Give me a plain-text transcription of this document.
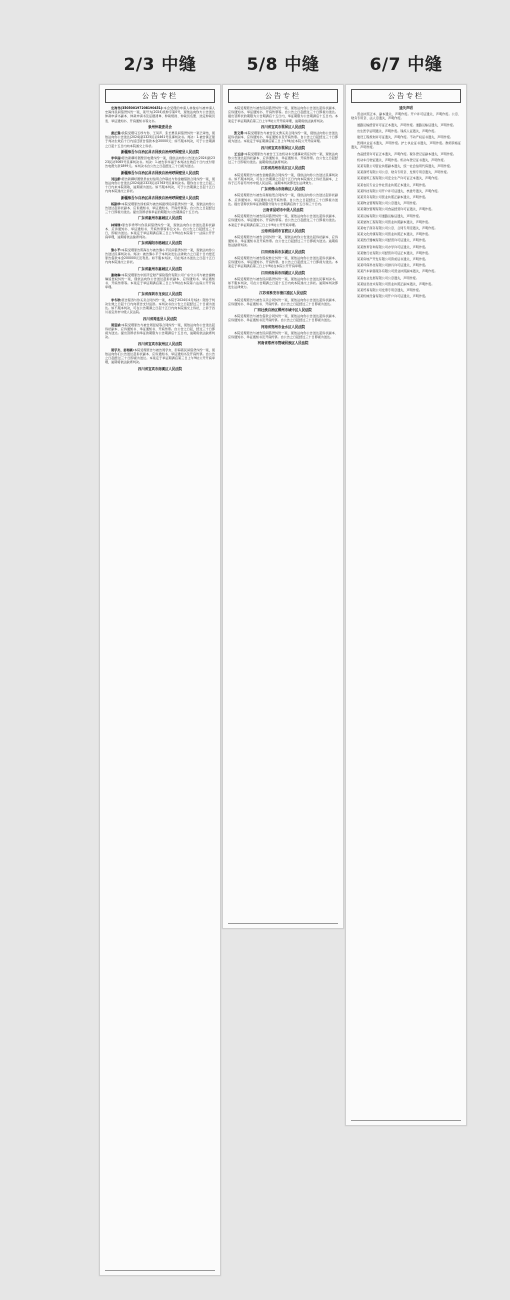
2/3 中缝	5/8 中缝	6/7 中缝
公告专栏
史海伟(350500197208190451):本会受理的申请人林俊东与被申请人史海伟民间借贷纠纷一案，案号为(2024)泉仲字第0号，现依法向你方公告送达仲裁申请书副本、仲裁申请书及证据清单、仲裁规则、仲裁员名册、选定仲裁员表、举证通知书、开庭通知书等文书。
泉州仲裁委员会
黄正强:我院受理马玉珍与你、王凤声、张长勇民间借贷纠纷一案已审结，现依法向你公告送达(2024)新2325民初1461号民事判决书。判决：1.被告黄正强于判决生效后十日内返还原告借款本金20000元；如不服本判决，可于公告期满之日起十五日内向本院递交上诉状。
新疆维吾尔自治区昌吉回族自治州呼图壁县人民法院
李华丽:原告新疆呼图壁县电费纠纷一案，现依法向你公告送达(2024)新2323民初5065号民事判决书。判决：1.被告李华丽于本判决生效后十日内支付原告电费欠款1899元。本判决书自公告之日起经过三十日视为送达。
新疆维吾尔自治区昌吉回族自治州呼图壁县人民法院
刘远新:原告新疆呼图壁县农村信用合作联社与你金融借款合同纠纷一案，现依法向你公告送达(2024)新2323民初2763号民事判决书。限你自公告之日起三十日内来本院领取，逾期视为送达。如不服本判决，可于公告期满之日起十五日内向本院递交上诉状。
新疆维吾尔自治区昌吉回族自治州呼图壁县人民法院
杨振珍:本院受理原告徐柏荣与被告杨振珍民间借贷纠纷一案，现依法向你公告送达起诉状副本、应诉通知书、举证通知书、开庭传票等。自公告之日起经过三十日即视为送达。提出答辩状和举证的期限为公告期满后十五日内。
广东省惠州市惠城区人民法院
林锦锋:原告李秀琴与你民间借贷纠纷一案，现依法向你公告送达起诉状副本、应诉通知书、举证通知书、开庭传票等诉讼文书。自公告之日起经过三十日，即视为送达。本案定于举证期满后第三日上午9时在本院第十一法庭公开开庭审理，逾期将依法缺席判决。
广东省揭阳市榕城区人民法院
黎小平:本院受理原告陈海生与被告黎小平民间借贷纠纷一案，现依法向你公告送达民事判决书。判决：被告黎小平于本判决发生法律效力之日起十日内偿还原告借款本金200000元及利息。如不服本判决，可在判决书送达之日起十五日内向本院递交上诉状。
广东省惠州市惠城区人民法院
谢晓琳:本院受理原告中国平安财产保险股份有限公司广东分公司与被告谢晓琳追偿权纠纷一案，现依法向你公告送达起诉状副本、应诉通知书、举证通知书、开庭传票等。本案定于举证期满后第三日上午9时在本院第六法庭公开开庭审理。
广东省深圳市龙岗区人民法院
李冬秋:原告程涛与你买卖合同纠纷一案，本院于2024年4月判决：限你于判决生效之日起十日内向原告支付货款。本判决书自公告之日起经过三十日视为送达。如不服本判决，可在公告期满之日起十五日内向本院递交上诉状，上诉于四川省宜宾市中级人民法院。
四川省筠连县人民法院
周显斌:本院受理原告与被告周显斌等合同纠纷一案，现依法向你公告送达起诉状副本、应诉通知书、举证通知书、开庭传票。自公告之日起，经过三十日即视为送达。提出答辩状和举证的期限为公告期满后十五日内，逾期将依法缺席判决。
四川省宜宾市叙州区人民法院
周学友、彭海燕:本院受理原告与被告周学友、彭海燕民间借贷纠纷一案，现依法向你们公告送达起诉状副本、应诉通知书、举证通知书及开庭传票。自公告之日起经过三十日即视为送达。本案定于举证期满后第三日上午9时公开开庭审理，逾期将依法缺席判决。
四川省宜宾市南溪区人民法院
公告专栏
本院受理原告与被告民间借贷纠纷一案，现依法向你公告送达起诉状副本、应诉通知书、举证通知书、开庭传票等。自公告之日起经过三十日即视为送达。提出答辩状的期限为公告期满后十五日内，举证期限为公告期满后十五日内。本案定于举证期满后第三日上午9时公开开庭审理，逾期将依法缺席判决。
四川省宜宾市翠屏区人民法院
张文勇:本院受理原告与被告张文勇买卖合同纠纷一案，现依法向你公告送达起诉状副本、应诉通知书、举证通知书及开庭传票。自公告之日起经过三十日即视为送达。本案定于举证期满后第三日上午9时在本院公开开庭审理。
四川省宜宾市翠屏区人民法院
王玉洁:本院受理原告与被告王玉洁机动车交通事故责任纠纷一案，现依法向你公告送达起诉状副本、应诉通知书、举证通知书、开庭传票。自公告之日起经过三十日即视为送达。逾期将依法缺席判决。
江苏省苏州市吴江区人民法院
本院受理原告与被告金融借款合同纠纷一案，现依法向你公告送达民事判决书。如不服本判决，可在公告期满之日起十五日内向本院递交上诉状及副本，上诉于江苏省苏州市中级人民法院。逾期本判决即发生法律效力。
广东省佛山市南海区人民法院
本院受理原告与被告房屋租赁合同纠纷一案，现依法向你公告送达起诉状副本、应诉通知书、举证通知书及开庭传票。自公告之日起经过三十日即视为送达。提出答辩状和举证的期限分别为公告期满后的十五日和三十日内。
云南省昆明市中级人民法院
本院受理原告与被告民间借贷纠纷一案，现依法向你公告送达起诉状副本、应诉通知书、举证通知书、开庭传票等。自公告之日起经过三十日即视为送达。本案定于举证期满后第三日上午9时公开开庭审理。
云南省昆明市官渡区人民法院
本院受理原告与被告合同纠纷一案，现依法向你公告送达起诉状副本、应诉通知书、举证通知书及开庭传票。自公告之日起经过三十日即视为送达。逾期将依法缺席判决。
江西省南昌市东湖区人民法院
本院受理原告与被告股权转让纠纷一案，现依法向你公告送达起诉状副本、应诉通知书、举证通知书、开庭传票。自公告之日起经过三十日即视为送达。本案定于举证期满后第三日上午9时在本院公开开庭审理。
江西省南昌市西湖区人民法院
本院受理原告与被告民间借贷纠纷一案，现依法向你公告送达民事判决书。如不服本判决，可在公告期满之日起十五日内向本院递交上诉状。逾期本判决即发生法律效力。
江苏省淮安市清江浦区人民法院
本院受理原告与被告买卖合同纠纷一案，现依法向你公告送达起诉状副本、应诉通知书、举证通知书、开庭传票。自公告之日起经过三十日即视为送达。
广西壮族自治区柳州市城中区人民法院
本院受理原告与被告借款合同纠纷一案，现依法向你公告送达起诉状副本、应诉通知书、举证通知书及开庭传票。自公告之日起经过三十日即视为送达。
河南省郑州市金水区人民法院
本院受理原告与被告民间借贷纠纷一案，现依法向你公告送达起诉状副本、应诉通知书、举证通知书及开庭传票。自公告之日起经过三十日即视为送达。
河南省郑州市管城回族区人民法院
公告专栏
遗失声明
营业执照正本、副本遗失，声明作废。开户许可证遗失，声明作废。公章、财务专用章、法人章遗失，声明作废。
道路运输经营许可证正本遗失，声明作废。道路运输证遗失，声明作废。
出生医学证明遗失，声明作废。残疾人证遗失，声明作废。
建设工程规划许可证遗失，声明作废。不动产权证书遗失，声明作废。
医师执业证书遗失，声明作废。护士执业证书遗失，声明作废。教师资格证遗失，声明作废。
食品经营许可证正本遗失，声明作废。税务登记证副本遗失，声明作废。
机动车行驶证遗失，声明作废。机动车登记证书遗失，声明作废。
某某有限公司营业执照副本遗失，统一社会信用代码遗失，声明作废。
某某商贸有限公司公章、财务专用章、发票专用章遗失，声明作废。
某某建筑工程有限公司安全生产许可证正本遗失，声明作废。
某某农民专业合作社营业执照正本遗失，声明作废。
某某科技有限公司开户许可证遗失，核准号遗失，声明作废。
某某劳务有限公司营业执照正副本遗失，声明作废。
某某物业管理有限公司公章遗失，声明作废。
某某餐饮管理有限公司食品经营许可证遗失，声明作废。
某某运输有限公司道路运输证遗失，声明作废。
某某装饰工程有限公司营业执照副本遗失，声明作废。
某某电子商务有限公司公章、合同专用章遗失，声明作废。
某某文化传媒有限公司营业执照正本遗失，声明作废。
某某医疗器械有限公司经营许可证遗失，声明作废。
某某教育咨询有限公司办学许可证遗失，声明作废。
某某旅行社有限公司经营许可证正本遗失，声明作废。
某某房地产开发有限公司资质证书遗失，声明作废。
某某环保科技有限公司排污许可证遗失，声明作废。
某某汽车销售服务有限公司营业执照副本遗失，声明作废。
某某农业发展有限公司公章遗失，声明作废。
某某信息技术有限公司营业执照正副本遗失，声明作废。
某某贸易有限公司发票专用章遗失，声明作废。
某某机械设备有限公司开户许可证遗失，声明作废。
